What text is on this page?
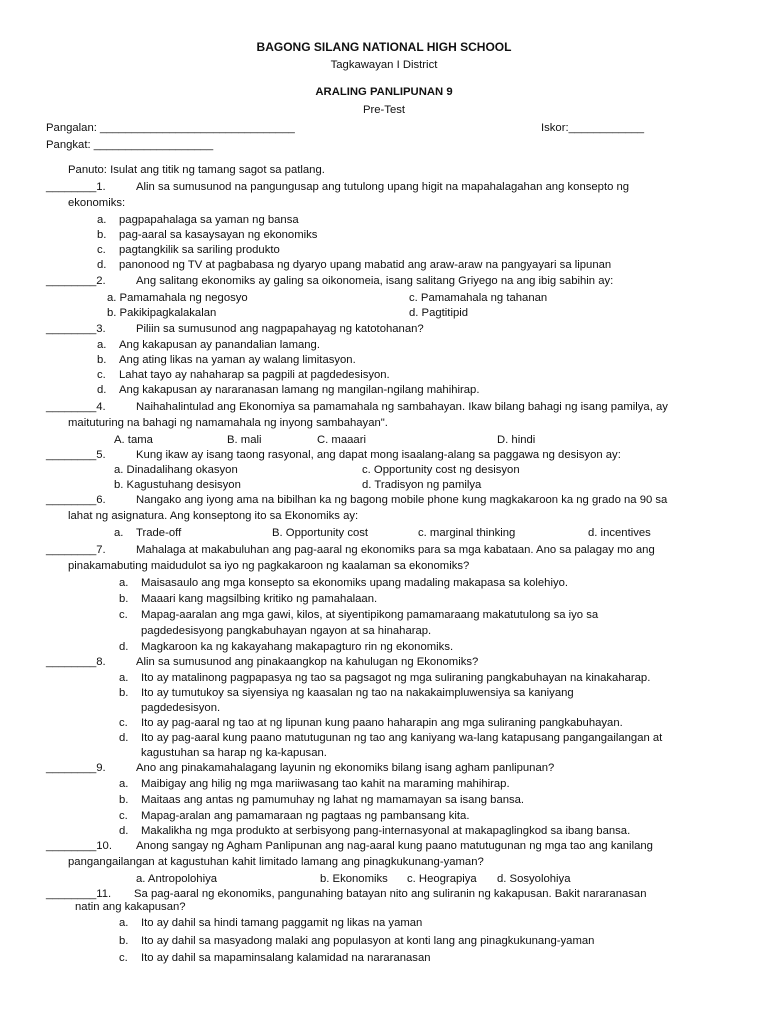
BAGONG SILANG NATIONAL HIGH SCHOOL
Tagkawayan I District
ARALING PANLIPUNAN 9
Pre-Test
Pangalan: _______________________________	Iskor:____________
Pangkat: ___________________
Panuto: Isulat ang titik ng tamang sagot sa patlang.
________1.	Alin sa sumusunod na pangungusap ang tutulong upang higit na mapahalagahan ang konsepto ng
ekonomiks:
a. pagpapahalaga sa yaman ng bansa
b. pag-aaral sa kasaysayan ng ekonomiks
c. pagtangkilik sa sariling produkto
d. panonood ng TV at pagbabasa ng dyaryo upang mabatid ang araw-araw na pangyayari sa lipunan
________2.	Ang salitang ekonomiks ay galing sa oikonomeia, isang salitang Griyego na ang ibig sabihin ay:
a. Pamamahala ng negosyo	c. Pamamahala ng tahanan
b. Pakikipagkalakalan	d. Pagtitipid
________3.	Piliin sa sumusunod ang nagpapahayag ng katotohanan?
a. Ang kakapusan ay panandalian lamang.
b. Ang ating likas na yaman ay walang limitasyon.
c. Lahat tayo ay nahaharap sa pagpili at pagdedesisyon.
d. Ang kakapusan ay nararanasan lamang ng mangilan-ngilang mahihirap.
________4.	Naihahalintulad ang Ekonomiya sa pamamahala ng sambahayan. Ikaw bilang bahagi ng isang pamilya, ay
maituturing na bahagi ng namamahala ng inyong sambahayan".
A. tama	B. mali	C. maaari	D. hindi
________5.	Kung ikaw ay isang taong rasyonal, ang dapat mong isaalang-alang sa paggawa ng desisyon ay:
a. Dinadalihang okasyon	c. Opportunity cost ng desisyon
b. Kagustuhang desisyon	d. Tradisyon ng pamilya
________6.	Nangako ang iyong ama na bibilhan ka ng bagong mobile phone kung magkakaroon ka ng grado na 90 sa
lahat ng asignatura. Ang konseptong ito sa Ekonomiks ay:
a. Trade-off	B. Opportunity cost	c. marginal thinking	d. incentives
________7.	Mahalaga at makabuluhan ang pag-aaral ng ekonomiks para sa mga kabataan. Ano sa palagay mo ang
pinakamabuting maidudulot sa iyo ng pagkakaroon ng kaalaman sa ekonomiks?
a. Maisasaulo ang mga konsepto sa ekonomiks upang madaling makapasa sa kolehiyo.
b. Maaari kang magsilbing kritiko ng pamahalaan.
c. Mapag-aaralan ang mga gawi, kilos, at siyentipikong pamamaraang makatutulong sa iyo sa
pagdedesisyong pangkabuhayan ngayon at sa hinaharap.
d. Magkaroon ka ng kakayahang makapagturo rin ng ekonomiks.
________8.	Alin sa sumusunod ang pinakaangkop na kahulugan ng Ekonomiks?
a. Ito ay matalinong pagpapasya ng tao sa pagsagot ng mga suliraning pangkabuhayan na kinakaharap.
b. Ito ay tumutukoy sa siyensiya ng kaasalan ng tao na nakakaimpluwensiya sa kaniyang
pagdedesisyon.
c. Ito ay pag-aaral ng tao at ng lipunan kung paano haharapin ang mga suliraning pangkabuhayan.
d. Ito ay pag-aaral kung paano matutugunan ng tao ang kaniyang wa-lang katapusang pangangailangan at
kagustuhan sa harap ng ka-kapusan.
________9.	Ano ang pinakamahalagang layunin ng ekonomiks bilang isang agham panlipunan?
a. Maibigay ang hilig ng mga mariiwasang tao kahit na maraming mahihirap.
b. Maitaas ang antas ng pamumuhay ng lahat ng mamamayan sa isang bansa.
c. Mapag-aralan ang pamamaraan ng pagtaas ng pambansang kita.
d. Makalikha ng mga produkto at serbisyong pang-internasyonal at makapaglingkod sa ibang bansa.
________10. Anong sangay ng Agham Panlipunan ang nag-aaral kung paano matutugunan ng mga tao ang kanilang
pangangailangan at kagustuhan kahit limitado lamang ang pinagkukunang-yaman?
a. Antropolohiya	b. Ekonomiks c. Heograpiya d. Sosyolohiya
________11. Sa pag-aaral ng ekonomiks, pangunahing batayan nito ang suliranin ng kakapusan. Bakit nararanasan
natin ang kakapusan?
a. Ito ay dahil sa hindi tamang paggamit ng likas na yaman
b. Ito ay dahil sa masyadong malaki ang populasyon at konti lang ang pinagkukunang-yaman
c. Ito ay dahil sa mapaminsalang kalamidad na nararanasan
